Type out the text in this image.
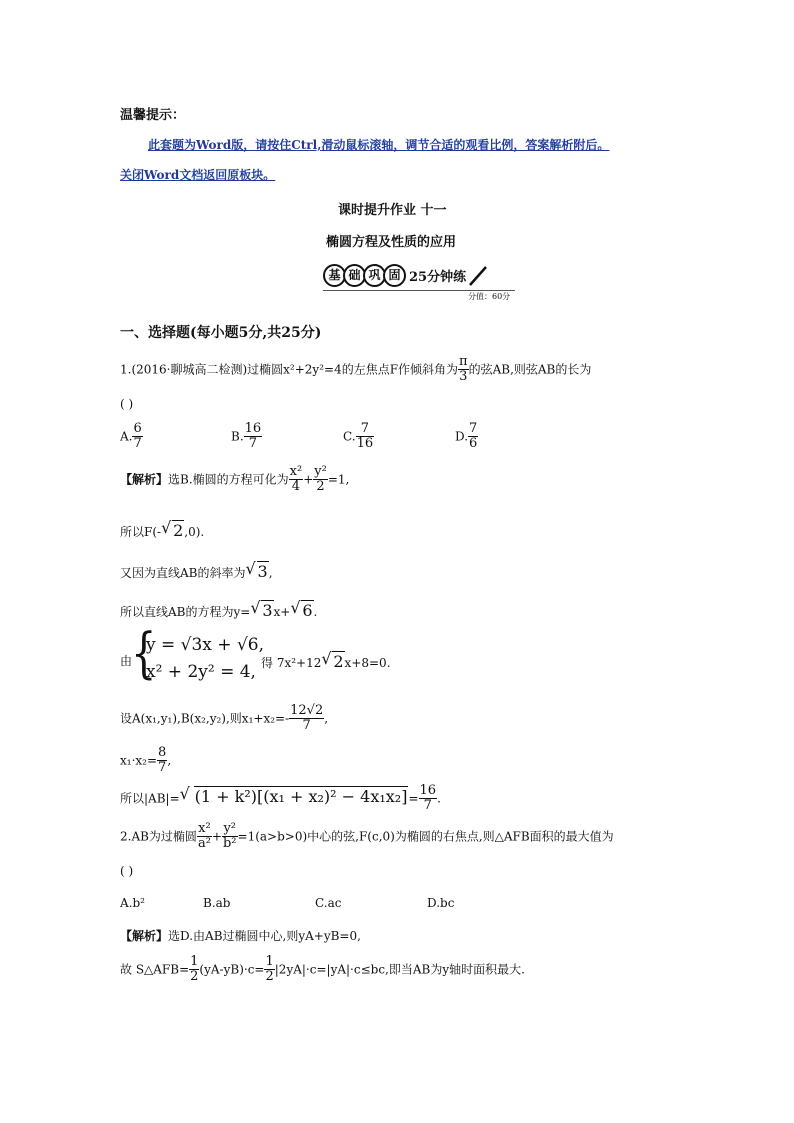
温馨提示：
此套题为Word版，请按住Ctrl,滑动鼠标滚轴，调节合适的观看比例，答案解析附后。
关闭Word文档返回原板块。
课时提升作业 十一
椭圆方程及性质的应用
基 础 巩 固 25分钟练
分值：60分
一、选择题(每小题5分,共25分)
1.(2016·聊城高二检测)过椭圆x²+2y²=4的左焦点F作倾斜角为 $\frac{\pi}{3}$ 的弦AB,则弦AB的长为
( )
A. $\frac{6}{7}$	B. $\frac{16}{7}$	C. $\frac{7}{16}$	D. $\frac{7}{6}$
【解析】选B.椭圆的方程可化为 $\frac{\text{x²}}{4} + \frac{\text{y²}}{2} =1$,
所以F(- √ 2,0).
又因为直线AB的斜率为 √ 3,
所以直线AB的方程为y= √ 3x+ √ 6.
由
{
y = √3x + √6,
x² + 2y² = 4, 得 7x²+12 √ 2x+8=0.
设A(x₁,y₁),B(x₂,y₂),则$x_1+x_2=- \frac{12√2}{7}$ ,
$x_1\cdot x_2= \frac{8}{7}$ ,
所以|AB|= √ $(1 + k^2)[(x_1 + x_2)^2 - 4x_1x_2]= \frac{16}{7}$ .
2.AB为过椭圆 $\frac{\text{x²}}{\text{a²}} + \frac{\text{y²}}{\text{b²}} =1(a>b>0)$中心的弦,F(c,0)为椭圆的右焦点,则△AFB面积的最大值为
( )
A.b²	B.ab	C.ac	D.bc
【解析】选D.由AB过椭圆中心,则yA+yB=0,
故 S△AFB= $\frac{1}{2} (yA-yB)\cdot c= \frac{1}{2} |2yA|\cdot c=|yA|\cdot c\le bc$,即当AB为y轴时面积最大.
